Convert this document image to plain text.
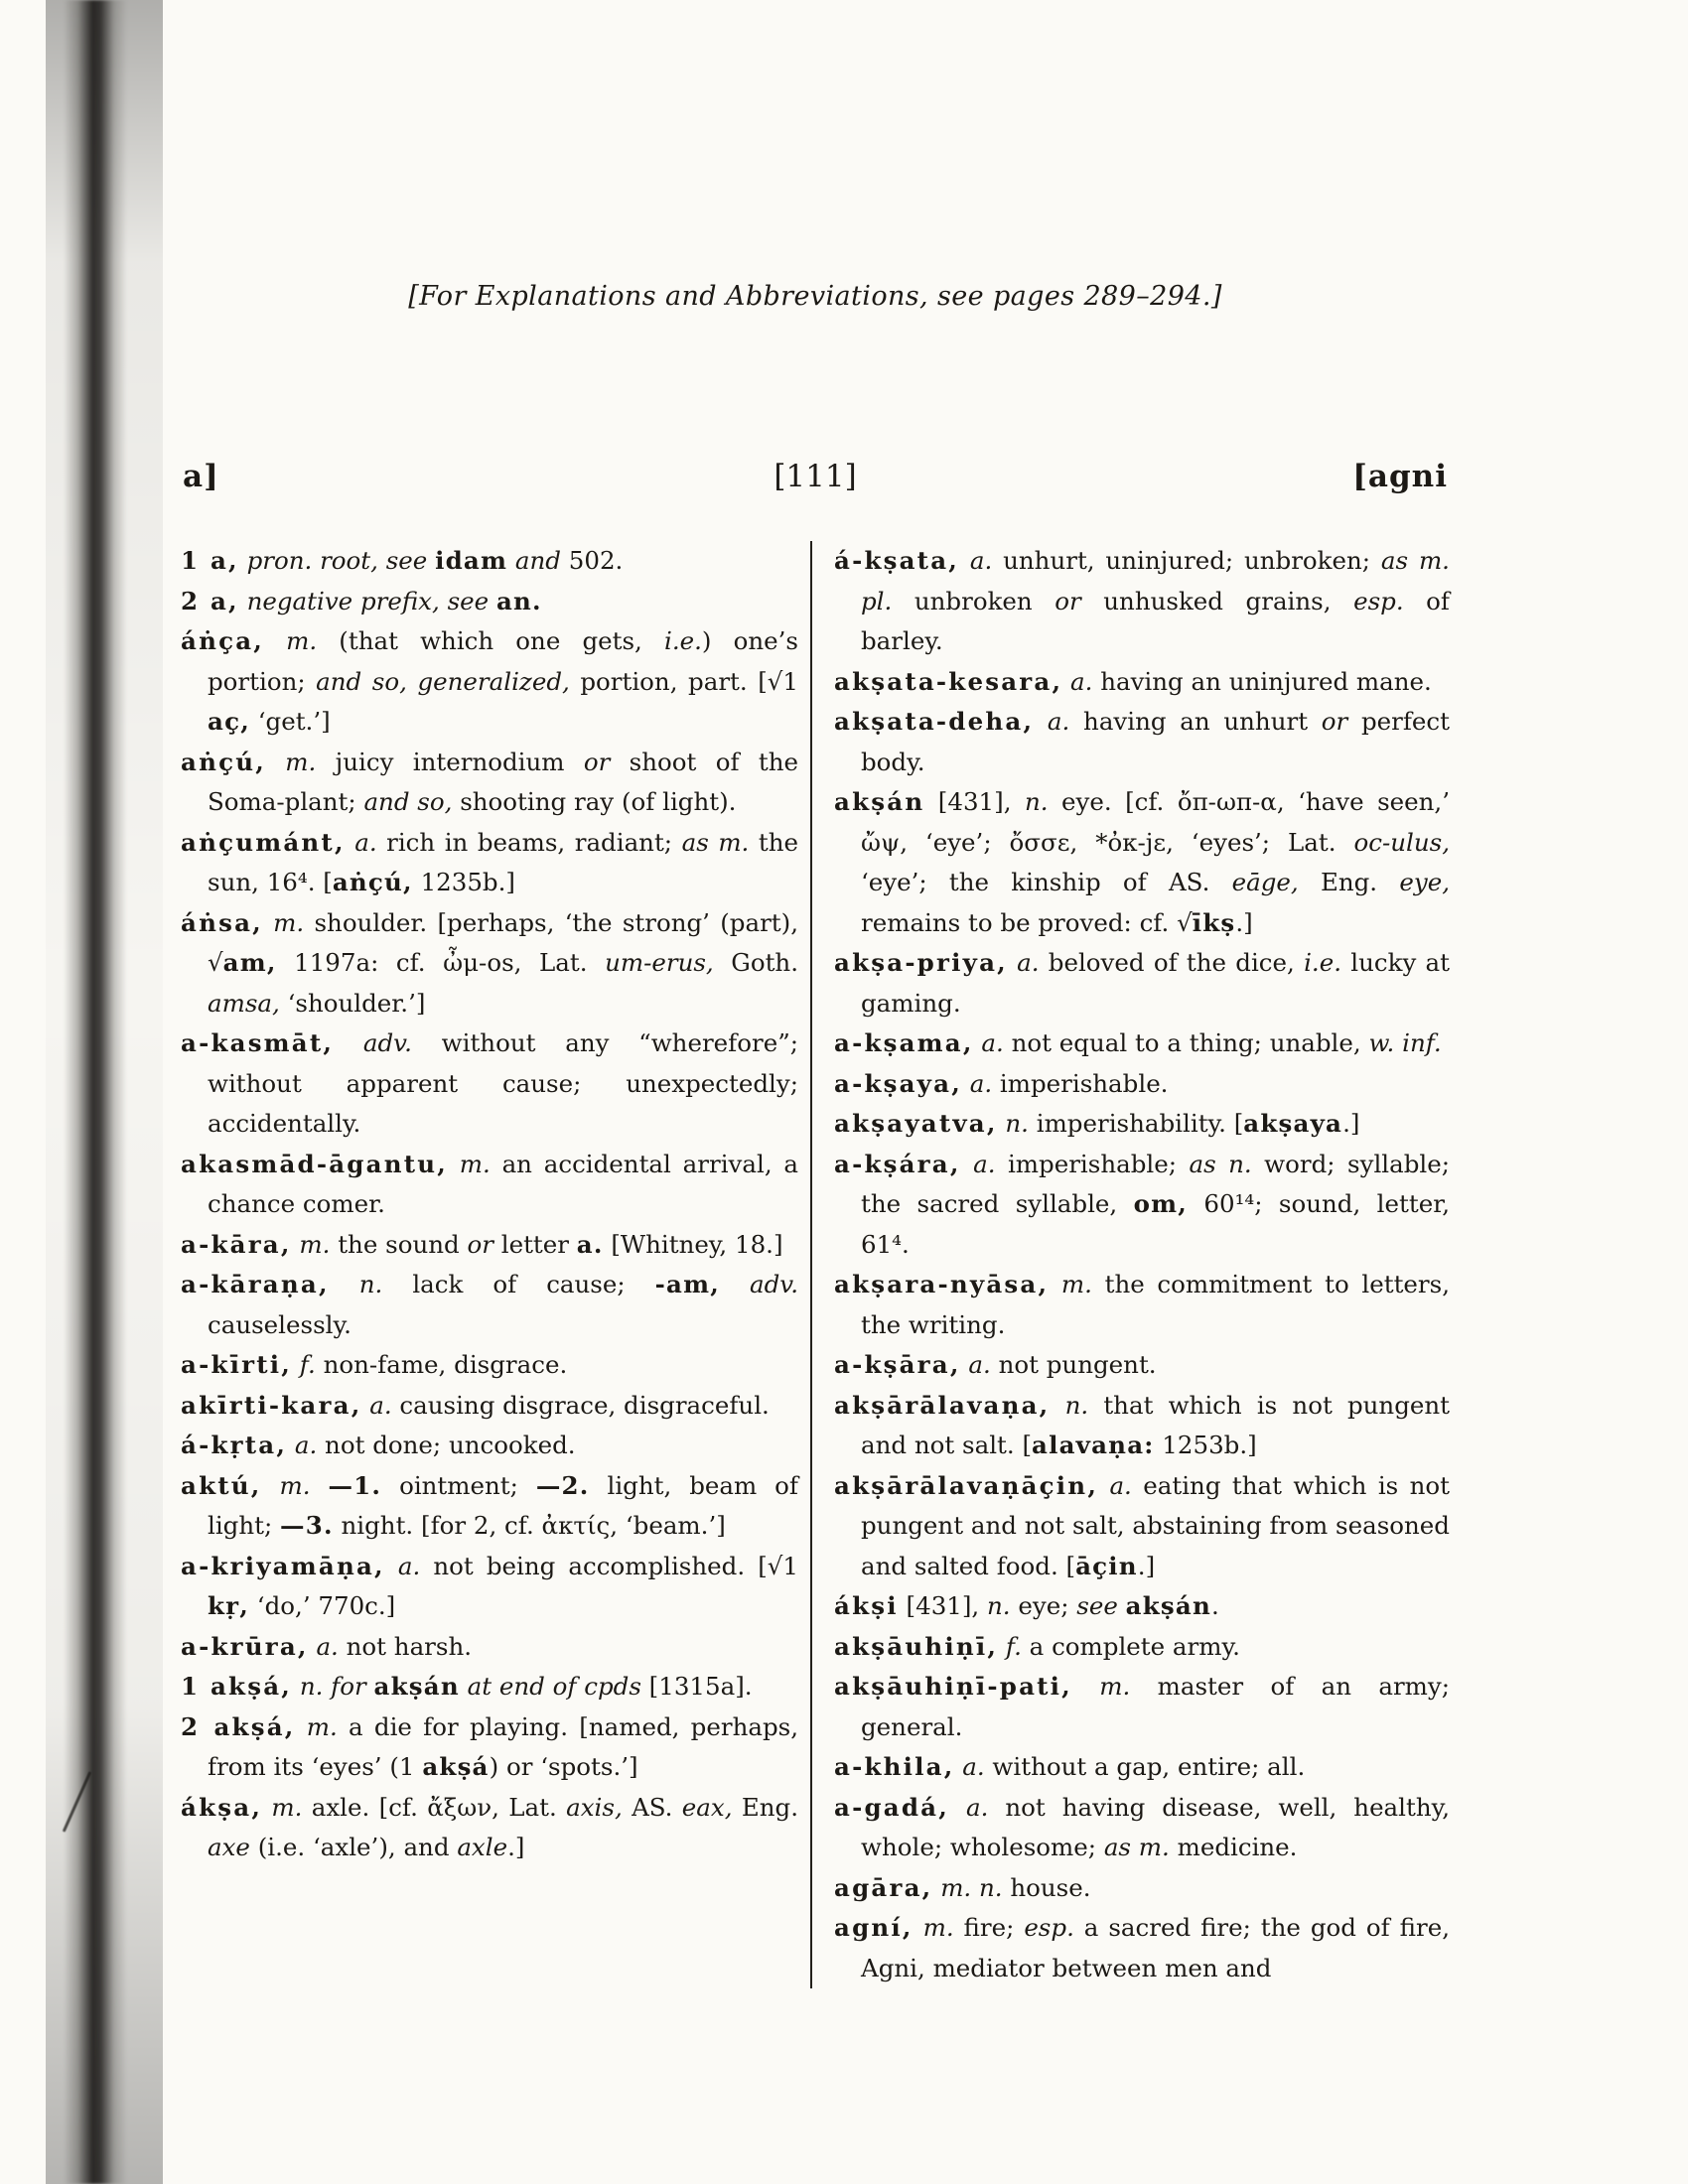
[For Explanations and Abbreviations, see pages 289–294.]
a]	[111]	[agni
1 a, pron. root, see idam and 502.
2 a, negative prefix, see an.
áṅça, m. (that which one gets, i.e.) one’s portion; and so, generalized, portion, part. [√1 aç, ‘get.’]
aṅçú, m. juicy internodium or shoot of the Soma-plant; and so, shooting ray (of light).
aṅçumánt, a. rich in beams, radiant; as m. the sun, 16⁴. [aṅçú, 1235b.]
áṅsa, m. shoulder. [perhaps, ‘the strong’ (part), √am, 1197a: cf. ὦμ-os, Lat. um-erus, Goth. amsa, ‘shoulder.’]
a-kasmāt, adv. without any “wherefore”; without apparent cause; unexpectedly; accidentally.
akasmād-āgantu, m. an accidental arrival, a chance comer.
a-kāra, m. the sound or letter a. [Whitney, 18.]
a-kāraṇa, n. lack of cause; -am, adv. causelessly.
a-kīrti, f. non-fame, disgrace.
akīrti-kara, a. causing disgrace, disgraceful.
á-kṛta, a. not done; uncooked.
aktú, m. —1. ointment; —2. light, beam of light; —3. night. [for 2, cf. ἀκτίς, ‘beam.’]
a-kriyamāṇa, a. not being accomplished. [√1 kṛ, ‘do,’ 770c.]
a-krūra, a. not harsh.
1 akṣá, n. for akṣán at end of cpds [1315a].
2 akṣá, m. a die for playing. [named, perhaps, from its ‘eyes’ (1 akṣá) or ‘spots.’]
ákṣa, m. axle. [cf. ἄξων, Lat. axis, AS. eax, Eng. axe (i.e. ‘axle’), and axle.]
á-kṣata, a. unhurt, uninjured; unbroken; as m. pl. unbroken or unhusked grains, esp. of barley.
akṣata-kesara, a. having an uninjured mane.
akṣata-deha, a. having an unhurt or perfect body.
akṣán [431], n. eye. [cf. ὄπ-ωπ-α, ‘have seen,’ ὤψ, ‘eye’; ὄσσε, *ὀκ-jε, ‘eyes’; Lat. oc-ulus, ‘eye’; the kinship of AS. eāge, Eng. eye, remains to be proved: cf. √īkṣ.]
akṣa-priya, a. beloved of the dice, i.e. lucky at gaming.
a-kṣama, a. not equal to a thing; unable, w. inf.
a-kṣaya, a. imperishable.
akṣayatva, n. imperishability. [akṣaya.]
a-kṣára, a. imperishable; as n. word; syllable; the sacred syllable, om, 60¹⁴; sound, letter, 61⁴.
akṣara-nyāsa, m. the commitment to letters, the writing.
a-kṣāra, a. not pungent.
akṣārālavaṇa, n. that which is not pungent and not salt. [alavaṇa: 1253b.]
akṣārālavaṇāçin, a. eating that which is not pungent and not salt, abstaining from seasoned and salted food. [āçin.]
ákṣi [431], n. eye; see akṣán.
akṣāuhiṇī, f. a complete army.
akṣāuhiṇī-pati, m. master of an army; general.
a-khila, a. without a gap, entire; all.
a-gadá, a. not having disease, well, healthy, whole; wholesome; as m. medicine.
agāra, m. n. house.
agní, m. fire; esp. a sacred fire; the god of fire, Agni, mediator between men and
